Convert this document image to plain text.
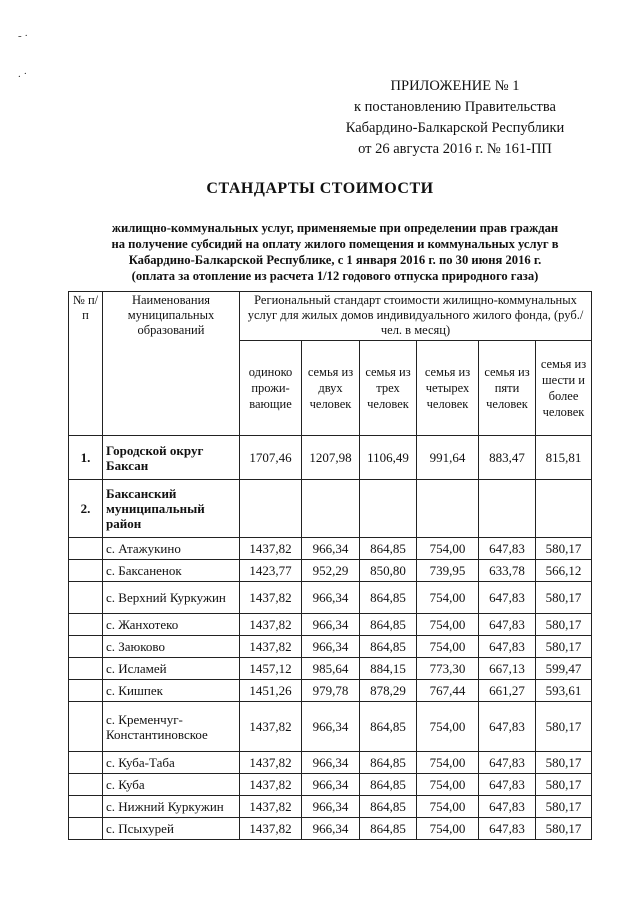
- ·
. ·
ПРИЛОЖЕНИЕ № 1
к постановлению Правительства
Кабардино-Балкарской Республики
от 26 августа 2016 г. № 161-ПП
СТАНДАРТЫ СТОИМОСТИ
жилищно-коммунальных услуг, применяемые при определении прав граждан
на получение субсидий на оплату жилого помещения и коммунальных услуг в
Кабардино-Балкарской Республике, с 1 января 2016 г. по 30 июня 2016 г.
(оплата за отопление из расчета 1/12 годового отпуска природного газа)
№ п/п	Наименования муниципальных образований	Региональный стандарт стоимости жилищно-коммунальных услуг для жилых домов индивидуального жилого фонда, (руб./чел. в месяц)					
		одиноко прожи-вающие	семья из двух человек	семья из трех человек	семья из четырех человек	семья из пяти человек	семья из шести и более человек
1.	Городской округ Баксан	1707,46	1207,98	1106,49	991,64	883,47	815,81
2.	Баксанский муниципальный район						
	с. Атажукино	1437,82	966,34	864,85	754,00	647,83	580,17
	с. Баксаненок	1423,77	952,29	850,80	739,95	633,78	566,12
	с. Верхний Куркужин	1437,82	966,34	864,85	754,00	647,83	580,17
	с. Жанхотеко	1437,82	966,34	864,85	754,00	647,83	580,17
	с. Заюково	1437,82	966,34	864,85	754,00	647,83	580,17
	с. Исламей	1457,12	985,64	884,15	773,30	667,13	599,47
	с. Кишпек	1451,26	979,78	878,29	767,44	661,27	593,61
	с. Кременчуг-Константиновское	1437,82	966,34	864,85	754,00	647,83	580,17
	с. Куба-Таба	1437,82	966,34	864,85	754,00	647,83	580,17
	с. Куба	1437,82	966,34	864,85	754,00	647,83	580,17
	с. Нижний Куркужин	1437,82	966,34	864,85	754,00	647,83	580,17
	с. Псыхурей	1437,82	966,34	864,85	754,00	647,83	580,17
